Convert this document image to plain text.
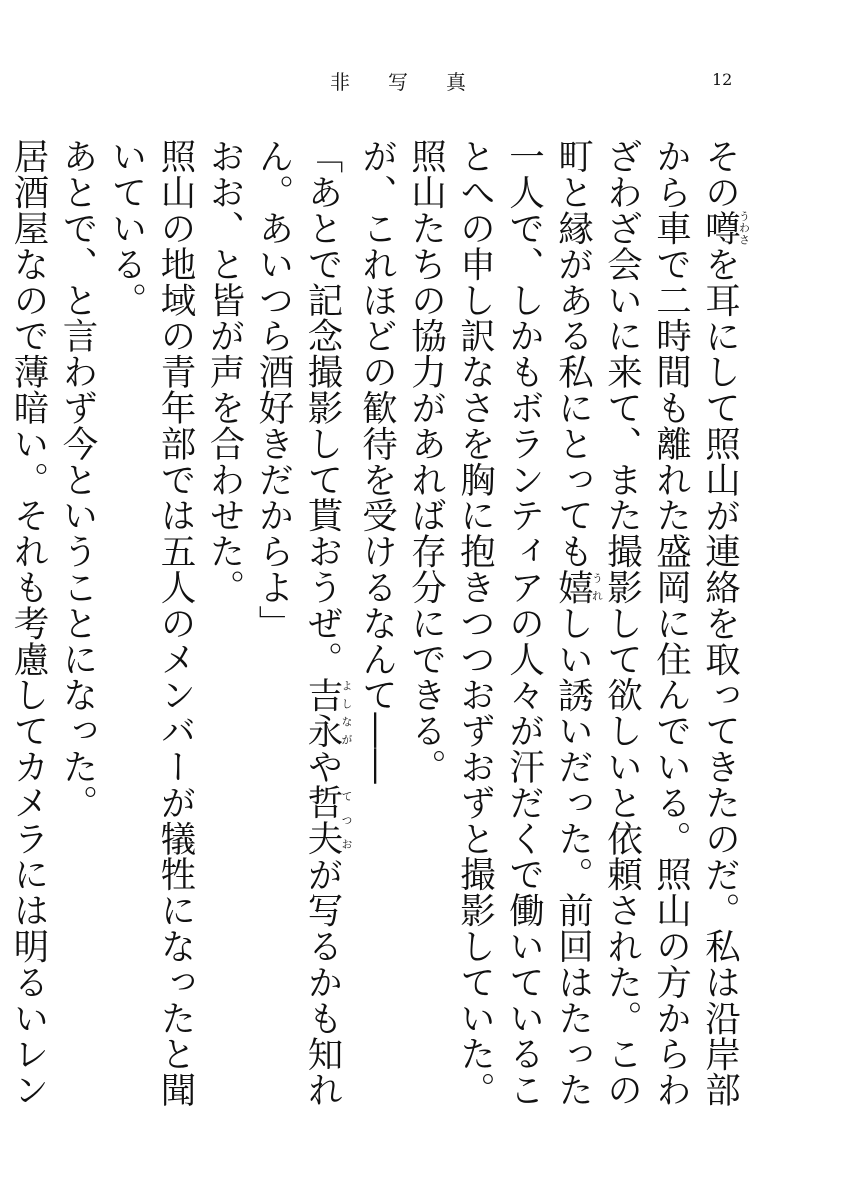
非写真	12

その噂うわさを耳にして照山が連絡を取ってきたのだ。私は沿岸部から車で二時間も離れた盛岡に住んでいる。照山の方からわざわざ会いに来て、また撮影して欲しいと依頼された。この町と縁がある私にとっても嬉うれしい誘いだった。前回はたった一人で、しかもボランティアの人々が汗だくで働いていることへの申し訳なさを胸に抱きつつおずおずと撮影していた。照山たちの協力があれば存分にできる。

が、これほどの歓待を受けるなんて――

「あとで記念撮影して貰おうぜ。吉永よしながや哲夫てつおが写るかも知れん。あいつら酒好きだからよ」

おお、と皆が声を合わせた。

照山の地域の青年部では五人のメンバーが犠牲になったと聞いている。

あとで、と言わず今ということになった。

居酒屋なので薄暗い。それも考慮してカメラには明るいレン
